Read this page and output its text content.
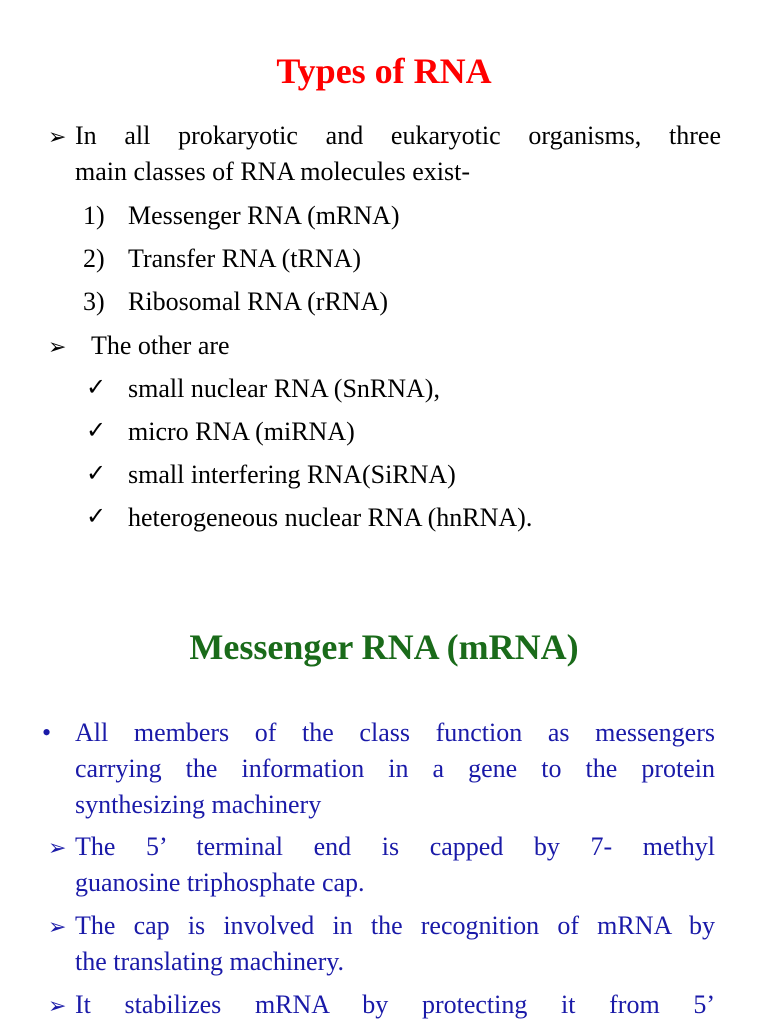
Types of RNA
➢ In all prokaryotic and eukaryotic organisms, three
main classes of RNA molecules exist-
1) Messenger RNA (mRNA)
2) Transfer RNA (tRNA)
3) Ribosomal RNA (rRNA)
➢ The other are
✓ small nuclear RNA (SnRNA),
✓ micro RNA (miRNA)
✓ small interfering RNA(SiRNA)
✓ heterogeneous nuclear RNA (hnRNA).
Messenger RNA (mRNA)
• All members of the class function as messengers
carrying the information in a gene to the protein
synthesizing machinery
➢ The 5’ terminal end is capped by 7- methyl
guanosine triphosphate cap.
➢ The cap is involved in the recognition of mRNA by
the translating machinery.
➢ It stabilizes mRNA by protecting it from 5’
